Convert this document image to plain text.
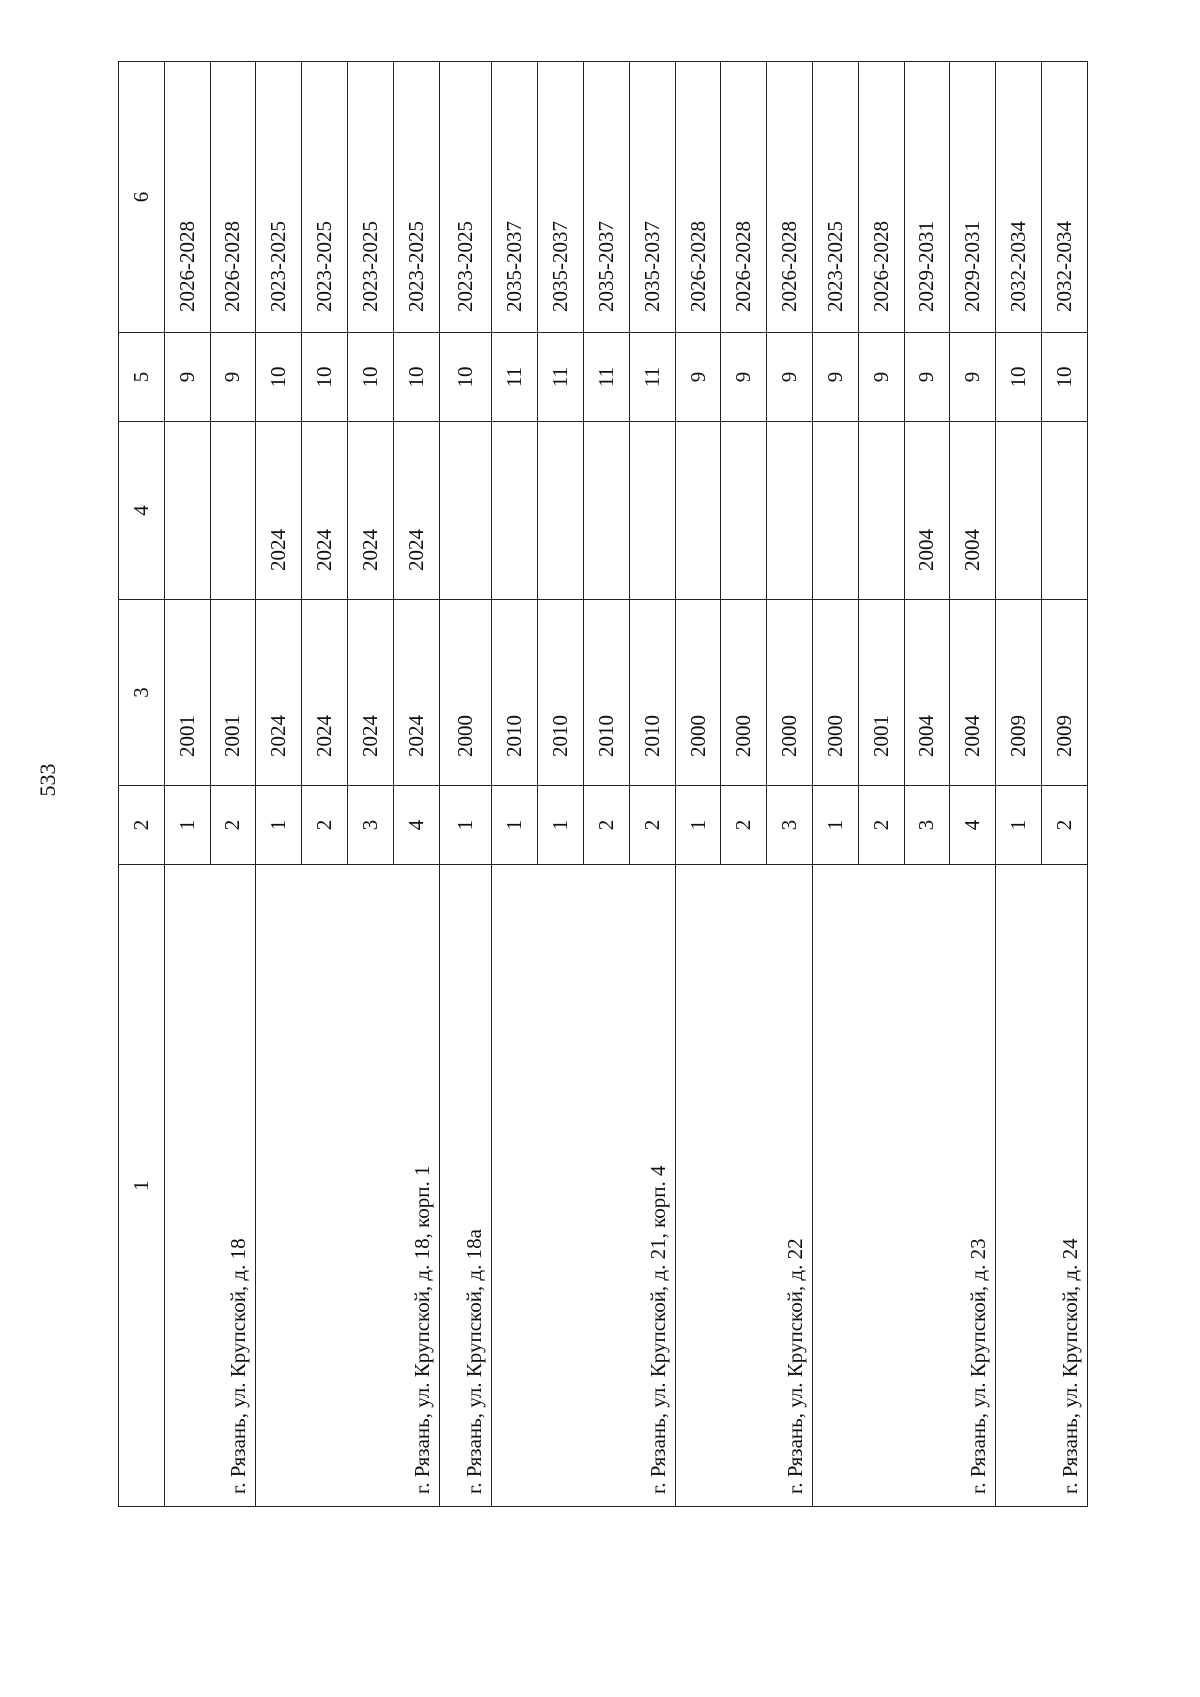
533
1	2	3	4	5	6
г. Рязань, ул. Крупской, д. 18	1	2001		9	2026-2028
	2	2001		9	2026-2028
г. Рязань, ул. Крупской, д. 18, корп. 1	1	2024	2024	10	2023-2025
	2	2024	2024	10	2023-2025
	3	2024	2024	10	2023-2025
	4	2024	2024	10	2023-2025
г. Рязань, ул. Крупской, д. 18а	1	2000		10	2023-2025
г. Рязань, ул. Крупской, д. 21, корп. 4	1	2010		11	2035-2037
	1	2010		11	2035-2037
	2	2010		11	2035-2037
	2	2010		11	2035-2037
г. Рязань, ул. Крупской, д. 22	1	2000		9	2026-2028
	2	2000		9	2026-2028
	3	2000		9	2026-2028
г. Рязань, ул. Крупской, д. 23	1	2000		9	2023-2025
	2	2001		9	2026-2028
	3	2004	2004	9	2029-2031
	4	2004	2004	9	2029-2031
г. Рязань, ул. Крупской, д. 24	1	2009		10	2032-2034
	2	2009		10	2032-2034
